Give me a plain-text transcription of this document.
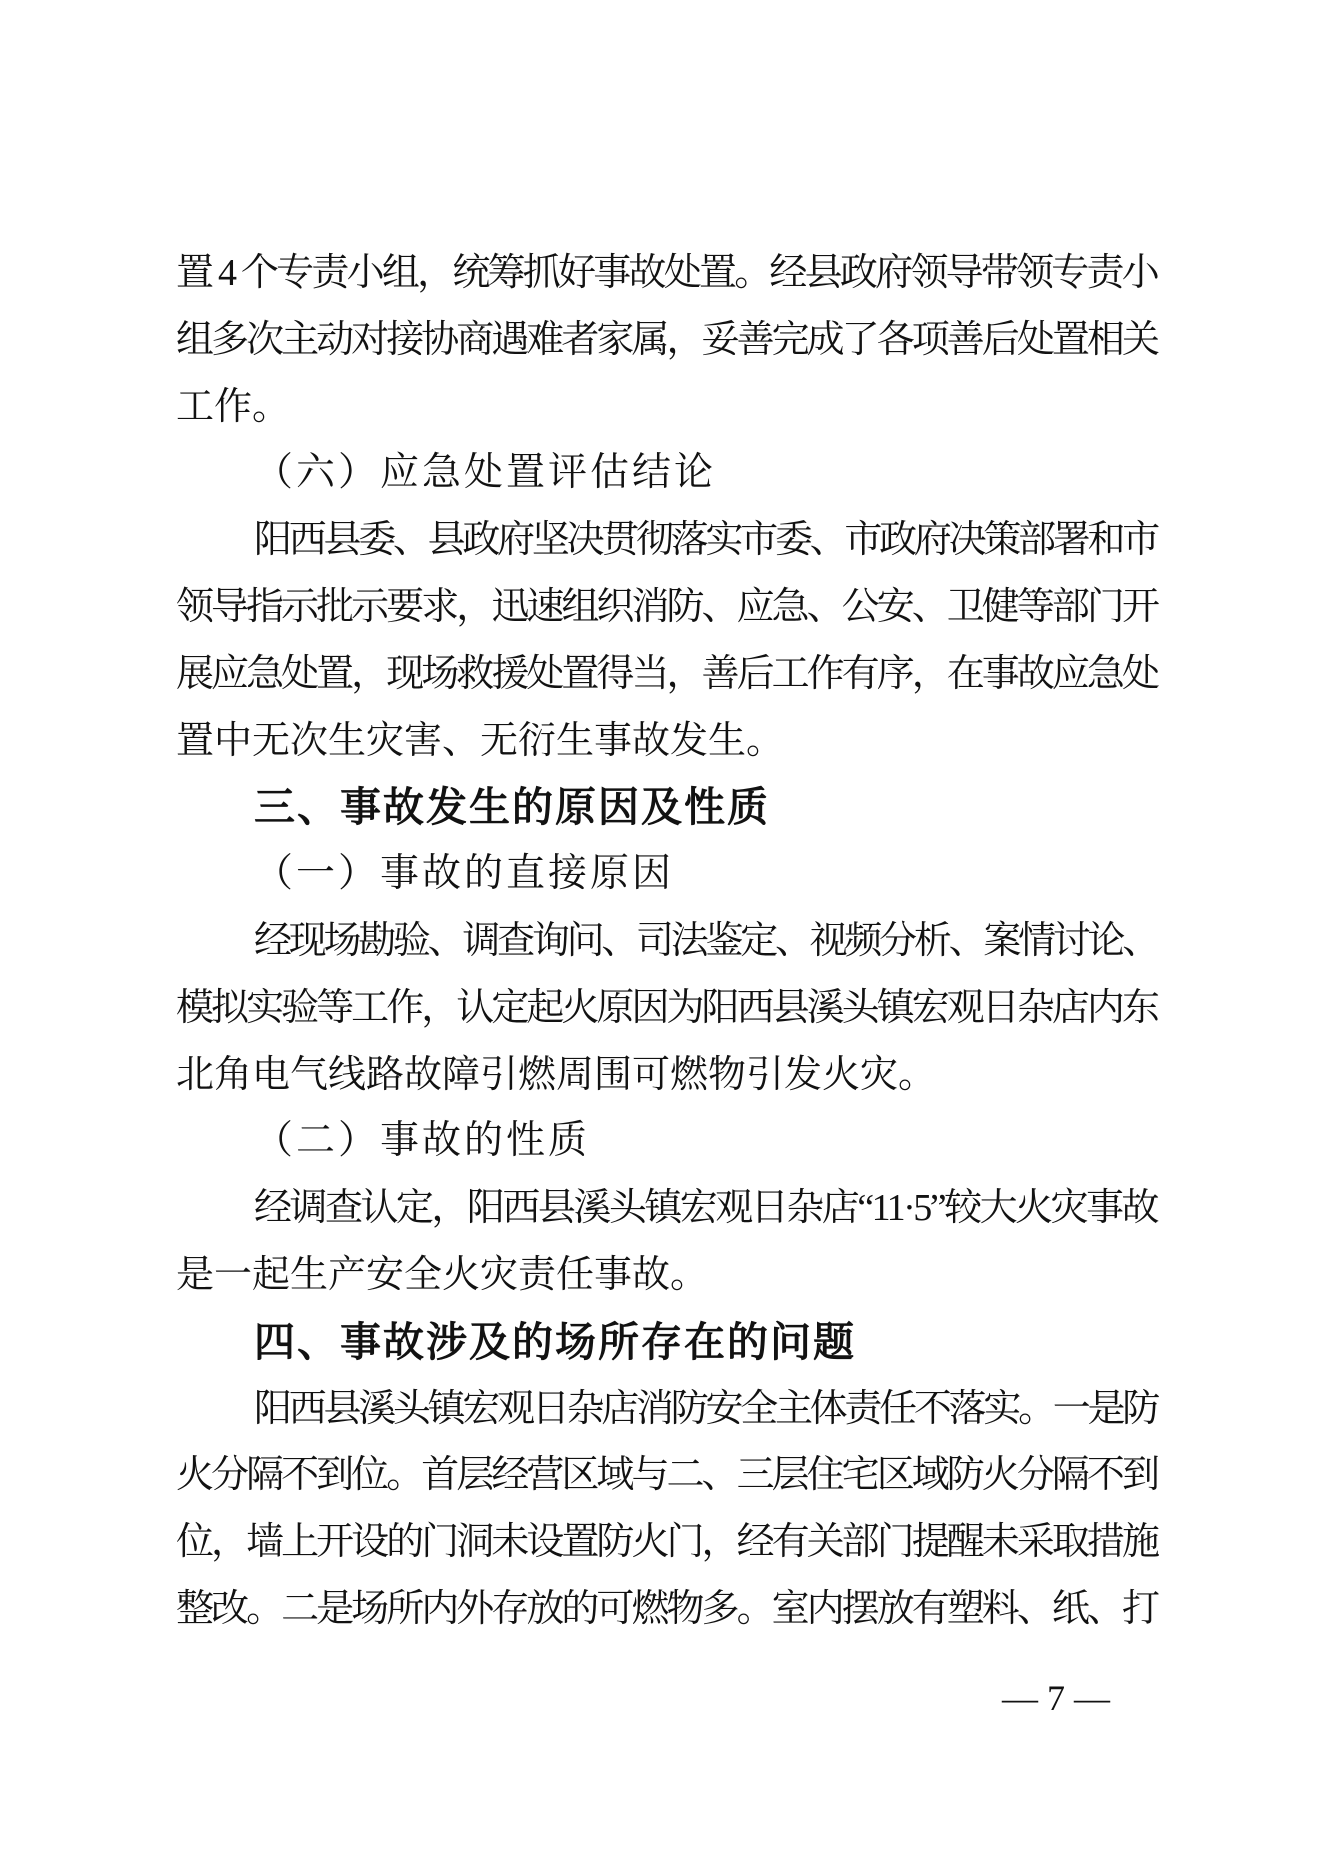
置 4 个专责小组，统筹抓好事故处置。经县政府领导带领专责小
组多次主动对接协商遇难者家属，妥善完成了各项善后处置相关
工作。
（六）应急处置评估结论
阳西县委、县政府坚决贯彻落实市委、市政府决策部署和市
领导指示批示要求，迅速组织消防、应急、公安、卫健等部门开
展应急处置，现场救援处置得当，善后工作有序，在事故应急处
置中无次生灾害、无衍生事故发生。
三、事故发生的原因及性质
（一）事故的直接原因
经现场勘验、调查询问、司法鉴定、视频分析、案情讨论、
模拟实验等工作，认定起火原因为阳西县溪头镇宏观日杂店内东
北角电气线路故障引燃周围可燃物引发火灾。
（二）事故的性质
经调查认定，阳西县溪头镇宏观日杂店“11·5”较大火灾事故
是一起生产安全火灾责任事故。
四、事故涉及的场所存在的问题
阳西县溪头镇宏观日杂店消防安全主体责任不落实。一是防
火分隔不到位。首层经营区域与二、三层住宅区域防火分隔不到
位，墙上开设的门洞未设置防火门，经有关部门提醒未采取措施
整改。二是场所内外存放的可燃物多。室内摆放有塑料、纸、打
— 7 —
